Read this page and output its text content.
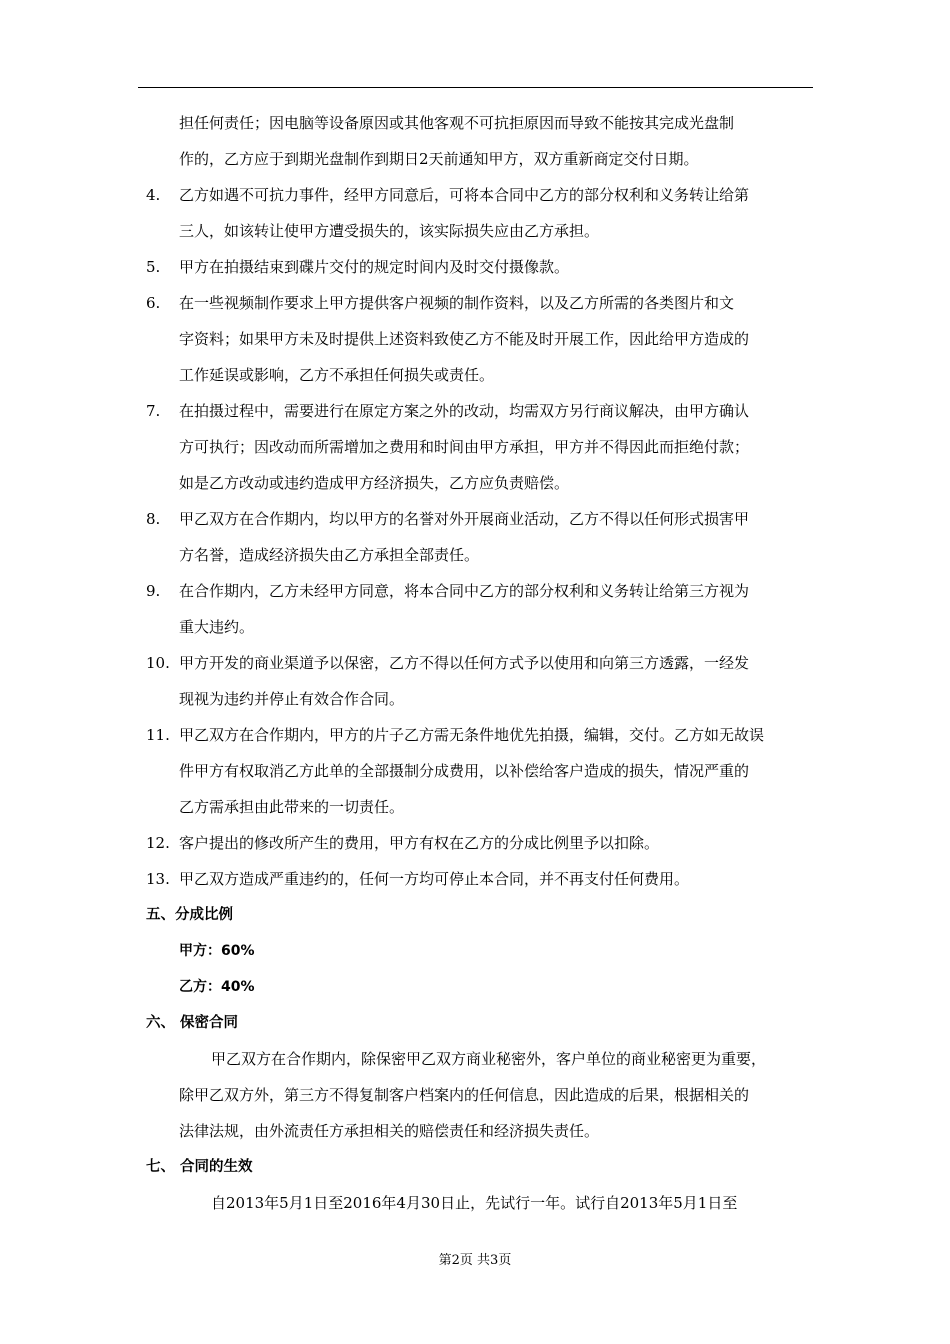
担任何责任；因电脑等设备原因或其他客观不可抗拒原因而导致不能按其完成光盘制
作的，乙方应于到期光盘制作到期日2天前通知甲方，双方重新商定交付日期。
4. 乙方如遇不可抗力事件，经甲方同意后，可将本合同中乙方的部分权利和义务转让给第
三人，如该转让使甲方遭受损失的，该实际损失应由乙方承担。
5. 甲方在拍摄结束到碟片交付的规定时间内及时交付摄像款。
6. 在一些视频制作要求上甲方提供客户视频的制作资料，以及乙方所需的各类图片和文
字资料；如果甲方未及时提供上述资料致使乙方不能及时开展工作，因此给甲方造成的
工作延误或影响，乙方不承担任何损失或责任。
7. 在拍摄过程中，需要进行在原定方案之外的改动，均需双方另行商议解决，由甲方确认
方可执行；因改动而所需增加之费用和时间由甲方承担，甲方并不得因此而拒绝付款；
如是乙方改动或违约造成甲方经济损失，乙方应负责赔偿。
8. 甲乙双方在合作期内，均以甲方的名誉对外开展商业活动，乙方不得以任何形式损害甲
方名誉，造成经济损失由乙方承担全部责任。
9. 在合作期内，乙方未经甲方同意，将本合同中乙方的部分权利和义务转让给第三方视为
重大违约。
10. 甲方开发的商业渠道予以保密，乙方不得以任何方式予以使用和向第三方透露，一经发
现视为违约并停止有效合作合同。
11. 甲乙双方在合作期内，甲方的片子乙方需无条件地优先拍摄，编辑，交付。乙方如无故误
件甲方有权取消乙方此单的全部摄制分成费用，以补偿给客户造成的损失，情况严重的
乙方需承担由此带来的一切责任。
12. 客户提出的修改所产生的费用，甲方有权在乙方的分成比例里予以扣除。
13. 甲乙双方造成严重违约的，任何一方均可停止本合同，并不再支付任何费用。
五、分成比例
甲方：60%
乙方：40%
六、 保密合同
甲乙双方在合作期内，除保密甲乙双方商业秘密外，客户单位的商业秘密更为重要，
除甲乙双方外，第三方不得复制客户档案内的任何信息，因此造成的后果，根据相关的
法律法规，由外流责任方承担相关的赔偿责任和经济损失责任。
七、 合同的生效
自2013年5月1日至2016年4月30日止，先试行一年。试行自2013年5月1日至
第2页 共3页
